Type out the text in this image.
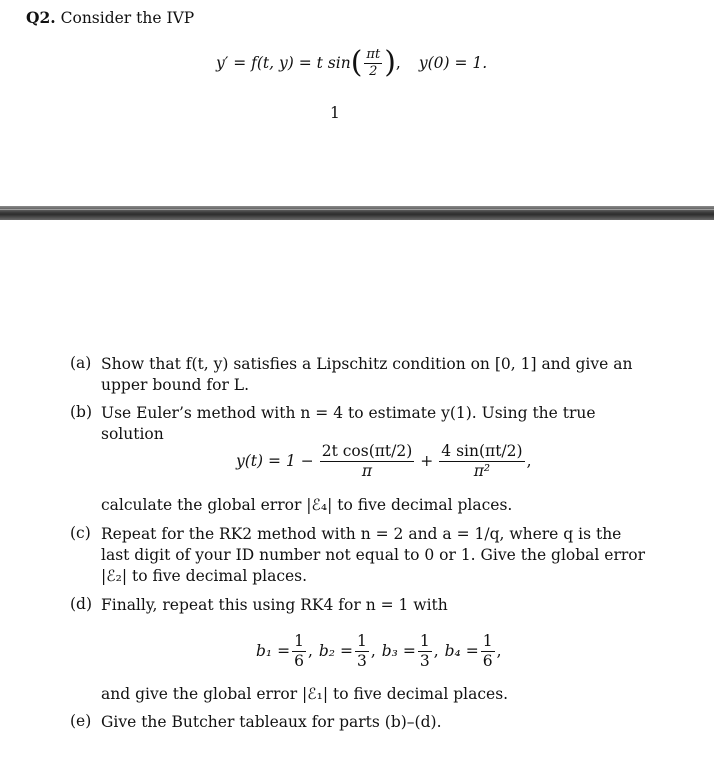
Q2. Consider the IVP
y′ = f(t, y) = t sin ( $\frac{\pi t}{2}$ ) , y(0) = 1.
1
(a) Show that f(t, y) satisfies a Lipschitz condition on [0, 1] and give an upper bound for L.
(b) Use Euler’s method with n = 4 to estimate y(1). Using the true solution
$y(t) = 1 - \frac{\text{2t cos(πt/2)}}{\pi} + \frac{4 \sin(\pi t/2)}{\text{π²}}$ ,
calculate the global error |ℰ₄| to five decimal places.
(c) Repeat for the RK2 method with n = 2 and a = 1/q, where q is the last digit of your ID number not equal to 0 or 1. Give the global error |ℰ₂| to five decimal places.
(d) Finally, repeat this using RK4 for n = 1 with
$b_1 = \frac{1}{6}$ , $b_2 = \frac{1}{3}$ , $b_3 = \frac{1}{3}$ , $b_4 = \frac{1}{6}$ ,
and give the global error |ℰ₁| to five decimal places.
(e) Give the Butcher tableaux for parts (b)–(d).
